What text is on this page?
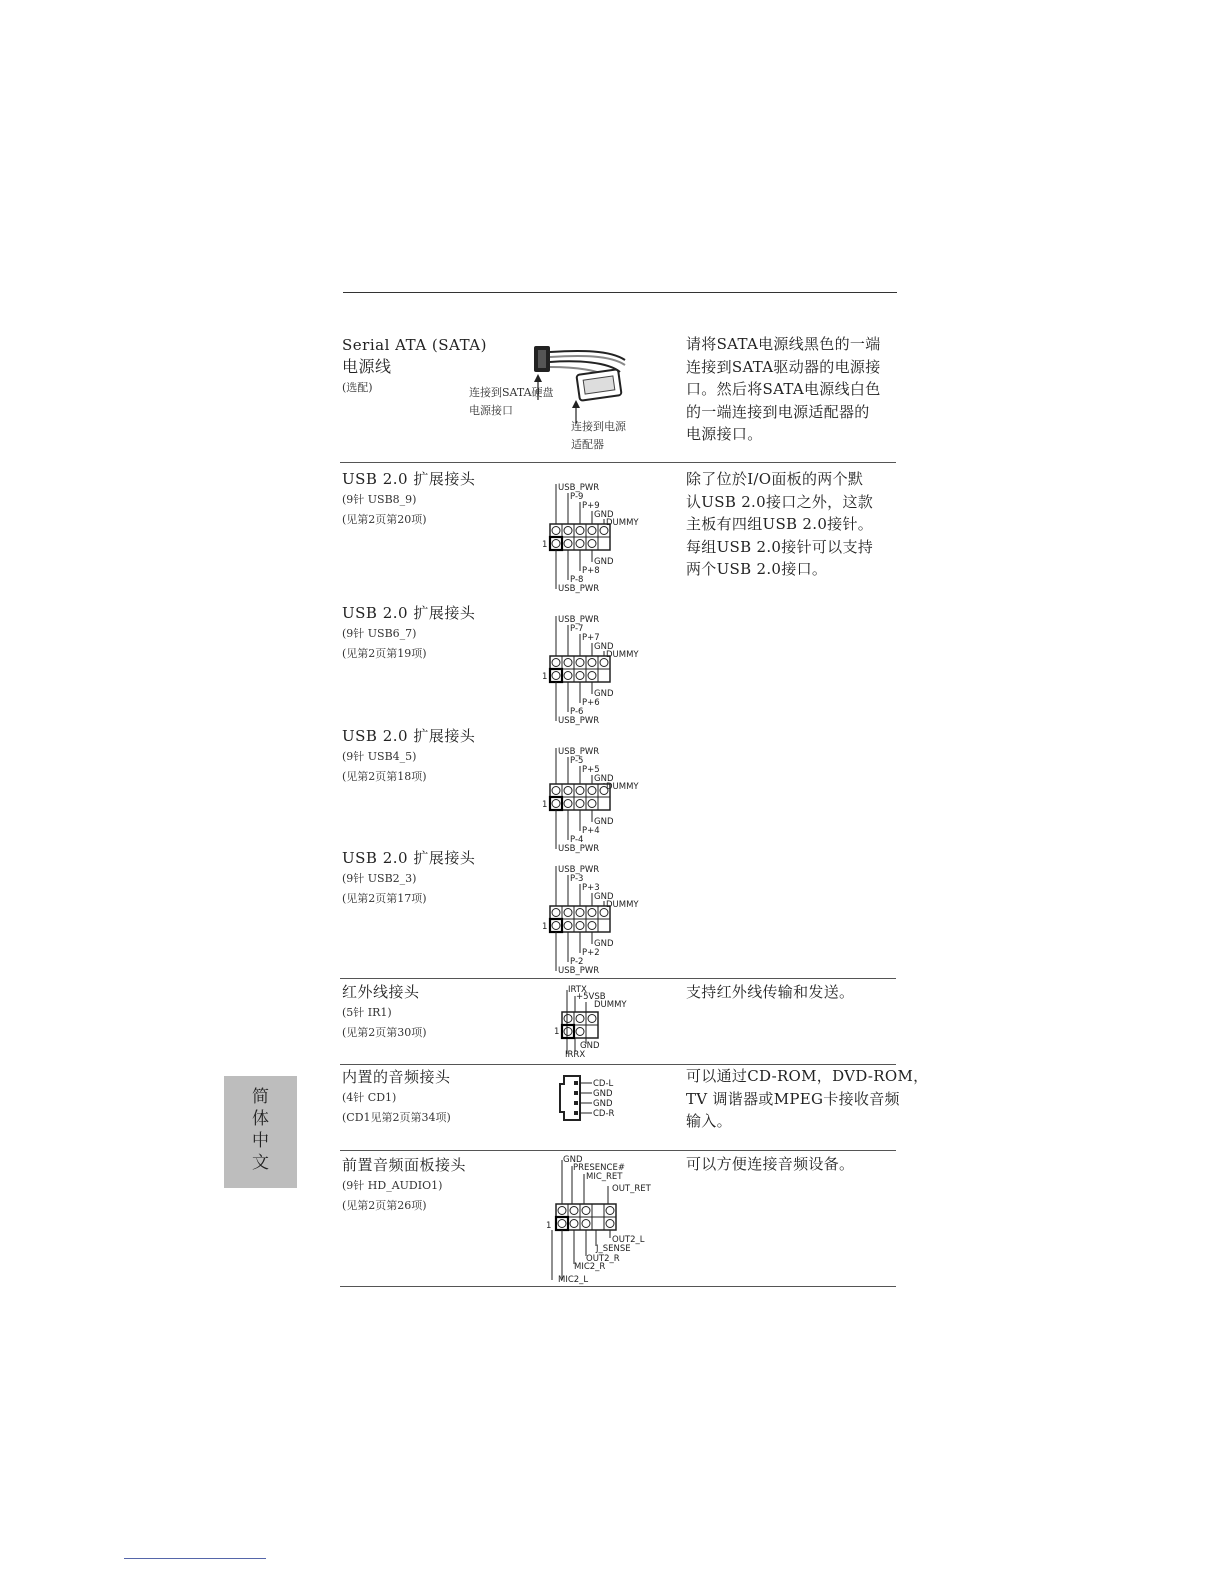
Serial ATA (SATA)
电源线
(选配)	连接到SATA硬盘
电源接口
连接到电源
适配器
请将SATA电源线黑色的一端
连接到SATA驱动器的电源接
口。然后将SATA电源线白色
的一端连接到电源适配器的
电源接口。
USB 2.0 扩展接头
(9针 USB8_9)
(见第2页第20项)
1
USB_PWR
P-9
P+9
GND
DUMMY
GND
P+8
P-8
USB_PWR
除了位於I/O面板的两个默
认USB 2.0接口之外，这款
主板有四组USB 2.0接针。
每组USB 2.0接针可以支持
两个USB 2.0接口。
USB 2.0 扩展接头
(9针 USB6_7)
(见第2页第19项)
1
USB_PWR
P-7
P+7
GND
DUMMY
GND
P+6
P-6
USB_PWR
USB 2.0 扩展接头
(9针 USB4_5)
(见第2页第18项)
1
USB_PWR
P-5
P+5
GND
DUMMY
GND
P+4
P-4
USB_PWR
USB 2.0 扩展接头
(9针 USB2_3)
(见第2页第17项)
1
USB_PWR
P-3
P+3
GND
DUMMY
GND
P+2
P-2
USB_PWR
红外线接头
(5针 IR1)
(见第2页第30项)	1
IRTX
+5VSB
DUMMY
GND
IRRX
支持红外线传输和发送。
内置的音频接头
(4针 CD1)
(CD1见第2页第34项)
CD-L
GND
GND
CD-R
可以通过CD-ROM，DVD-ROM，
TV 调谐器或MPEG卡接收音频
输入。
前置音频面板接头
(9针 HD_AUDIO1)
(见第2页第26项)
1
GND
PRESENCE#
MIC_RET
OUT_RET
OUT2_L
J_SENSE
OUT2_R
MIC2_R
MIC2_L
可以方便连接音频设备。
简
体
中
文
